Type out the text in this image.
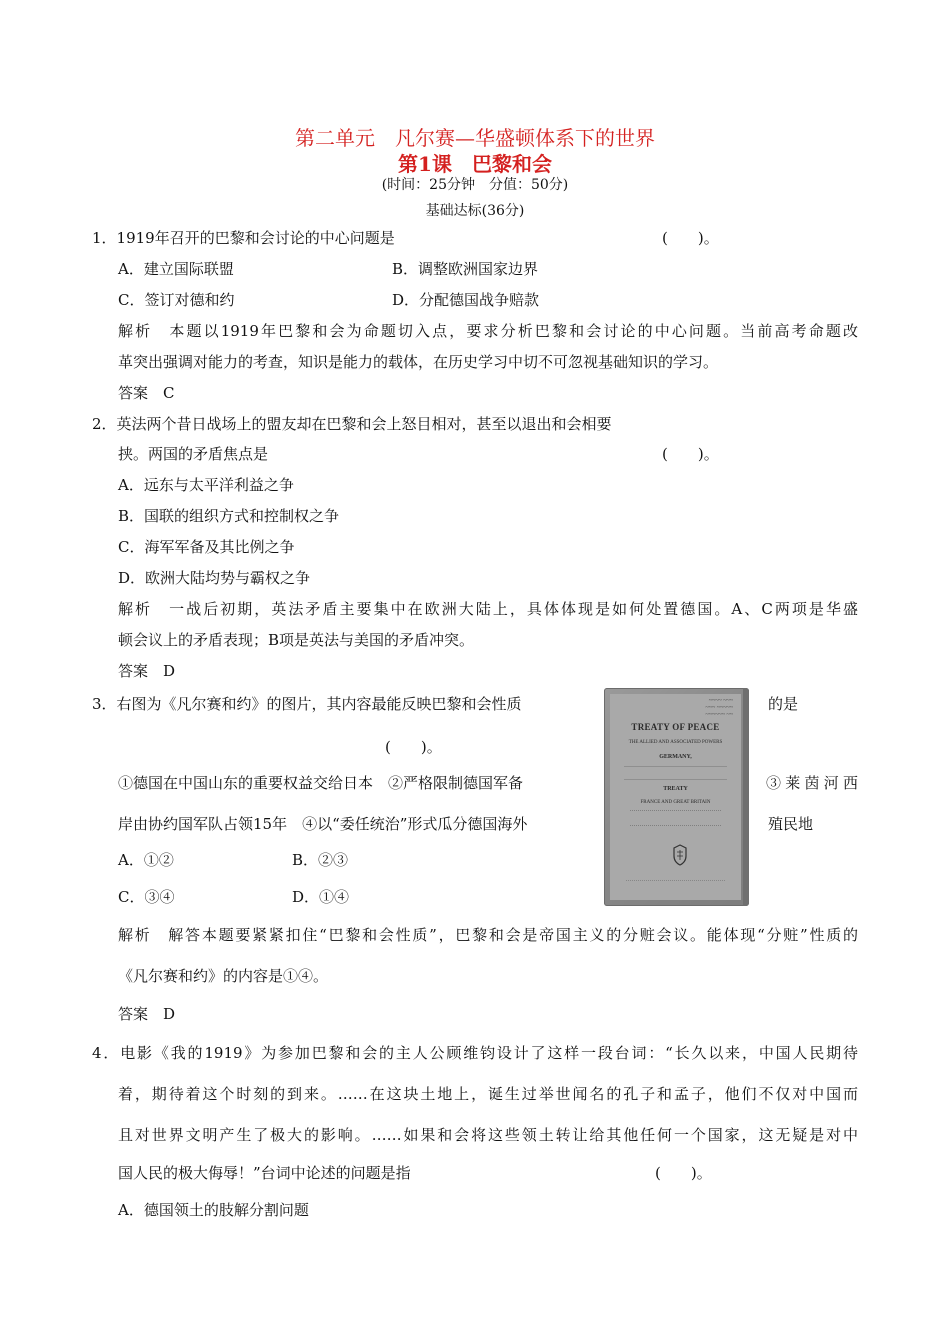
第二单元　凡尔赛—华盛顿体系下的世界
第1课　巴黎和会
(时间：25分钟　分值：50分)
基础达标(36分)
1．1919年召开的巴黎和会讨论的中心问题是	(　　)。
A．建立国际联盟	B．调整欧洲国家边界
C．签订对德和约	D．分配德国战争赔款
解析　本题以1919年巴黎和会为命题切入点，要求分析巴黎和会讨论的中心问题。当前高考命题改
革突出强调对能力的考查，知识是能力的载体，在历史学习中切不可忽视基础知识的学习。
答案　C
2．英法两个昔日战场上的盟友却在巴黎和会上怒目相对，甚至以退出和会相要
挟。两国的矛盾焦点是	(　　)。
A．远东与太平洋利益之争
B．国联的组织方式和控制权之争
C．海军军备及其比例之争
D．欧洲大陆均势与霸权之争
解析　一战后初期，英法矛盾主要集中在欧洲大陆上，具体体现是如何处置德国。A、C两项是华盛
顿会议上的矛盾表现；B项是英法与美国的矛盾冲突。
答案　D
3．右图为《凡尔赛和约》的图片，其内容最能反映巴黎和会性质	的是
(　　)。
①德国在中国山东的重要权益交给日本　②严格限制德国军备	③莱茵河西
岸由协约国军队占领15年　④以“委任统治”形式瓜分德国海外	殖民地
A．①②	B．②③
C．③④	D．①④
解析　解答本题要紧紧扣住“巴黎和会性质”，巴黎和会是帝国主义的分赃会议。能体现“分赃”性质的
《凡尔赛和约》的内容是①④。
答案　D
~~~~ ~~~
~~~ ~~~~~
~~~~~~ ~~
TREATY OF PEACE
THE ALLIED AND ASSOCIATED POWERS
GERMANY,
TREATY
FRANCE AND GREAT BRITAIN
4．电影《我的1919》为参加巴黎和会的主人公顾维钧设计了这样一段台词：“长久以来，中国人民期待
着，期待着这个时刻的到来。……在这块土地上，诞生过举世闻名的孔子和孟子，他们不仅对中国而
且对世界文明产生了极大的影响。……如果和会将这些领土转让给其他任何一个国家，这无疑是对中
国人民的极大侮辱！”台词中论述的问题是指	(　　)。
A．德国领土的肢解分割问题
